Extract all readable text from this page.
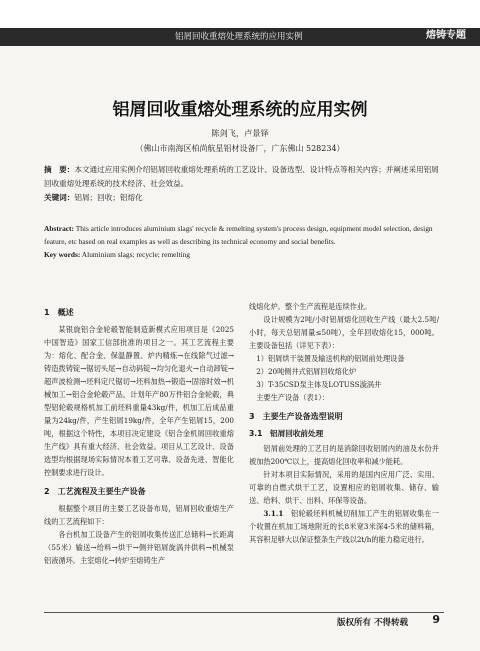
铝屑回收重熔处理系统的应用实例	熔铸专题
铝屑回收重熔处理系统的应用实例
陈剑飞，卢景铎
（佛山市南海区柏尚航星铝材设备厂，广东佛山 528234）
摘　要：本文通过应用实例介绍铝屑回收重熔处理系统的工艺设计、设备选型、设计特点等相关内容；并阐述采用铝屑回收重熔处理系统的技术经济、社会效益。
关键词：铝屑；回收；铝熔化
Abstract: This article introduces aluminium slags' recycle & remelting system's process design, equipment model selection, design feature, etc based on real examples as well as describing its technical economy and social benefits.
Key words: Aluminium slags; recycle; remelting
1　概述

某银旋铝合金轮毂智能制造新模式应用项目是《2025中国智造》国家工信部批准的项目之一。其工艺流程主要为：熔化、配合金、保温静置、炉内精炼→在线除气过滤→铸造拨铸锭→锯切头尾→自动码锭→均匀化退火→自动卸锭→超声波检测→坯料定尺锯切→坯料加热→锻造→固溶时效→机械加工→铝合金轮毂产品，计划年产80万件铝合金轮毂，典型铝轮毂规格机加工前坯料重量43kg/件，机加工后成品重量为24kg/件，产生铝屑19kg/件，全年产生铝屑15，200吨，根据这个特性，本项目决定建设《铝合金机屑回收重熔生产线》具有重大经济、社会效益。项目从工艺设计、设备选型均根据现场实际情况本着工艺可靠、设备先进、智能化控制要求进行设计。

2　工艺流程及主要生产设备

根据整个项目的主要工艺设备布局，铝屑回收重熔生产线的工艺流程如下：

各台机加工设备产生的铝屑收集传送汇总储料→长距离（55米）输送→给料→烘干→侧井铝屑旋涡井供料→机械泵铝液循环。主室熔化→转炉至熔铸生产

线熔化炉。整个生产流程是连续作业。

设计规模为2吨/小时铝屑熔化回收生产线（最大2.5吨/小时，每天总铝屑量≤50吨），全年回收熔化15，000吨。主要设备包括（详见下表）：

1）铝屑烘干装置及输送机构的铝屑前处理设备

2）20吨侧井式铝屑回收熔化炉

3）T-35CSD泵主体及LOTUSS漩涡井

主要生产设备（表1）：

3　主要生产设备选型说明
3.1　铝屑回收前处理

铝屑前处理的工艺目的是消除回收铝屑内的油及水份并被加热200℃以上，提高熔化回收率和减少能耗。

针对本项目实际情况，采用的是国内应用广泛、实用、可靠的自燃式烘干工艺，设置相应的铝屑收集、储存、输送、给料、烘干、出料、环保等设备。

3.1.1　 铝轮毂坯料机械切削加工产生的铝屑收集在一个收置在机加工场地附近的长8米宽3米深4-5米的储料箱，其容积足够大以保证整条生产线以2t/h的能力稳定进行。

版权所有 不得转载 9
